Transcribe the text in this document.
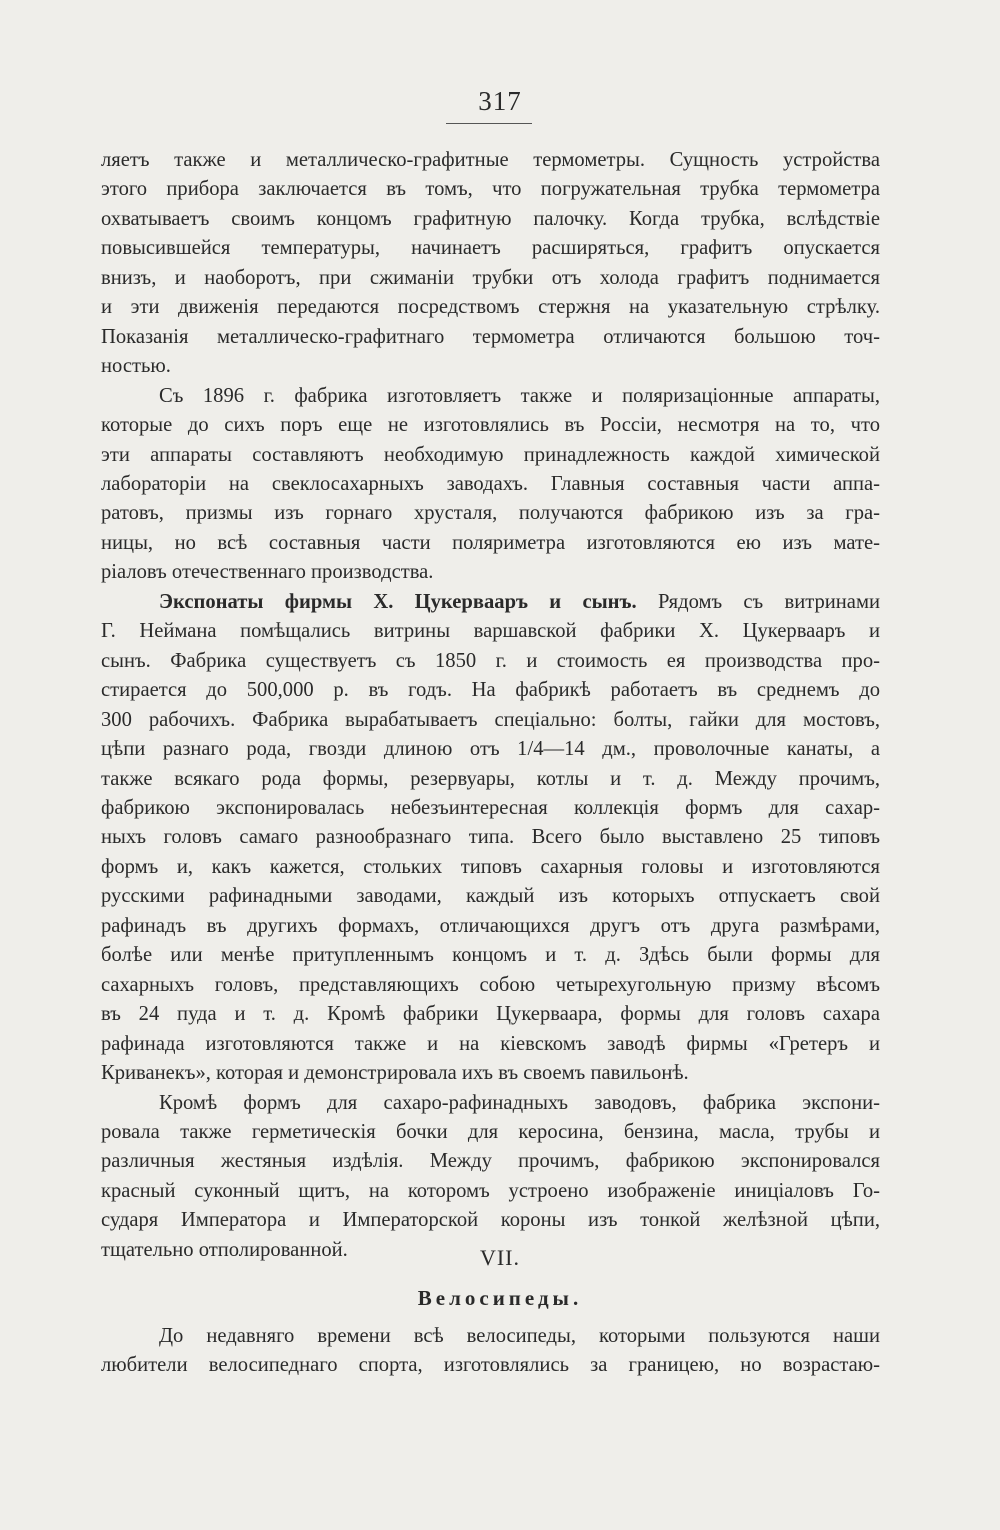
317

ляетъ также и металлическо-графитные термометры. Сущность устройства
этого прибора заключается въ томъ, что погружательная трубка термометра
охватываетъ своимъ концомъ графитную палочку. Когда трубка, вслѣдствіе
повысившейся температуры, начинаетъ расширяться, графитъ опускается
внизъ, и наоборотъ, при сжиманіи трубки отъ холода графитъ поднимается
и эти движенія передаются посредствомъ стержня на указательную стрѣлку.
Показанія металлическо-графитнаго термометра отличаются большою точ-

ностью.

Съ 1896 г. фабрика изготовляетъ также и поляризаціонные аппараты,

которые до сихъ поръ еще не изготовлялись въ Россіи, несмотря на то, что
эти аппараты составляютъ необходимую принадлежность каждой химической
лабораторіи на свеклосахарныхъ заводахъ. Главныя составныя части аппа-
ратовъ, призмы изъ горнаго хрусталя, получаются фабрикою изъ за гра-
ницы, но всѣ составныя части поляриметра изготовляются ею изъ мате-

ріаловъ отечественнаго производства.

Экспонаты фирмы X. Цукервааръ и сынъ. Рядомъ съ витринами

Г. Неймана помѣщались витрины варшавской фабрики X. Цукервааръ и
сынъ. Фабрика существуетъ съ 1850 г. и стоимость ея производства про-
стирается до 500,000 р. въ годъ. На фабрикѣ работаетъ въ среднемъ до
300 рабочихъ. Фабрика вырабатываетъ спеціально: болты, гайки для мостовъ,
цѣпи разнаго рода, гвозди длиною отъ 1/4—14 дм., проволочные канаты, а
также всякаго рода формы, резервуары, котлы и т. д. Между прочимъ,
фабрикою экспонировалась небезъинтересная коллекція формъ для сахар-
ныхъ головъ самаго разнообразнаго типа. Всего было выставлено 25 типовъ
формъ и, какъ кажется, стольких типовъ сахарныя головы и изготовляются
русскими рафинадными заводами, каждый изъ которыхъ отпускаетъ свой
рафинадъ въ другихъ формахъ, отличающихся другъ отъ друга размѣрами,
болѣе или менѣе притупленнымъ концомъ и т. д. Здѣсь были формы для
сахарныхъ головъ, представляющихъ собою четырехугольную призму вѣсомъ
въ 24 пуда и т. д. Кромѣ фабрики Цукерваара, формы для головъ сахара
рафинада изготовляются также и на кіевскомъ заводѣ фирмы «Гретеръ и

Криванекъ», которая и демонстрировала ихъ въ своемъ павильонѣ.

Кромѣ формъ для сахаро-рафинадныхъ заводовъ, фабрика экспони-

ровала также герметическія бочки для керосина, бензина, масла, трубы и
различныя жестяныя издѣлія. Между прочимъ, фабрикою экспонировался
красный суконный щитъ, на которомъ устроено изображеніе иниціаловъ Го-
сударя Императора и Императорской короны изъ тонкой желѣзной цѣпи,

тщательно отполированной.	VII.
Велосипеды.

До недавняго времени всѣ велосипеды, которыми пользуются наши

любители велосипеднаго спорта, изготовлялись за границею, но возрастаю-
